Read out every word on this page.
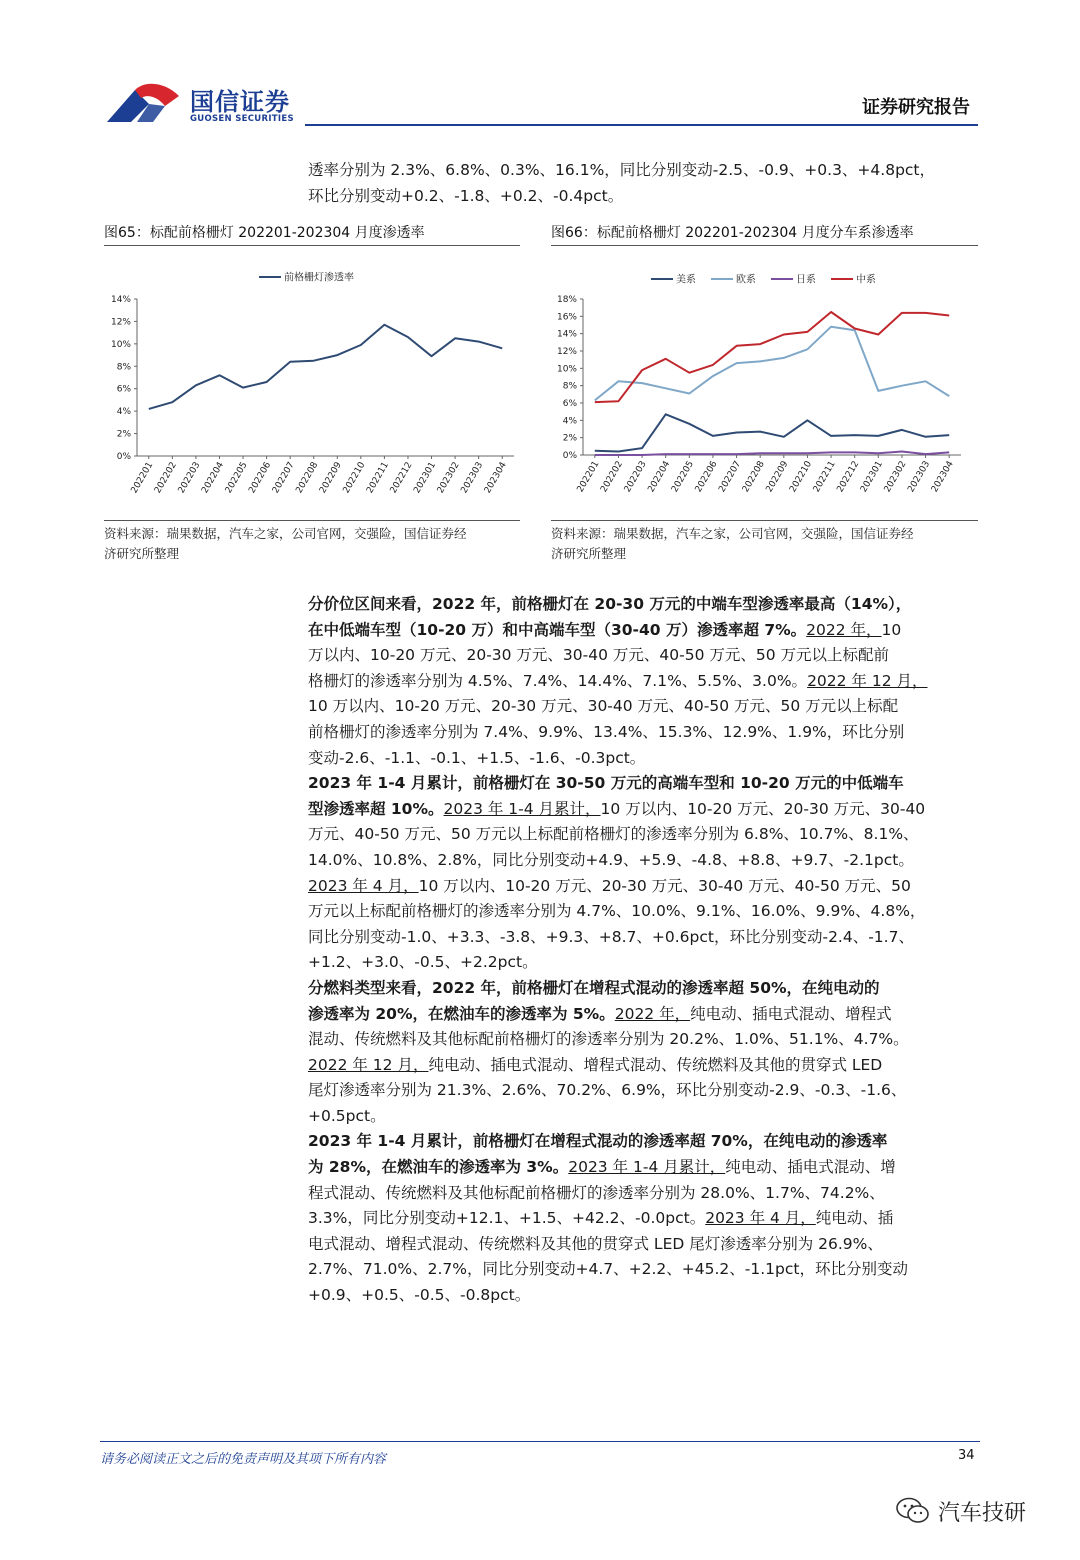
国信证券
GUOSEN SECURITIES
证券研究报告
透率分别为 2.3%、6.8%、0.3%、16.1%，同比分别变动-2.5、-0.9、+0.3、+4.8pct，
环比分别变动+0.2、-1.8、+0.2、-0.4pct。
图65：标配前格栅灯 202201-202304 月度渗透率
0%
2%
4%
6%
8%
10%
12%
14%
202201
202202
202203
202204
202205
202206
202207
202208
202209
202210
202211
202212
202301
202302
202303
202304
前格栅灯渗透率
资料来源：瑞果数据，汽车之家，公司官网，交强险，国信证券经
济研究所整理
图66：标配前格栅灯 202201-202304 月度分车系渗透率
0%
2%
4%
6%
8%
10%
12%
14%
16%
18%
202201
202202
202203
202204
202205
202206
202207
202208
202209
202210
202211
202212
202301
202302
202303
202304
美系	欧系	日系	中系
资料来源：瑞果数据，汽车之家，公司官网，交强险，国信证券经
济研究所整理
分价位区间来看，2022 年，前格栅灯在 20-30 万元的中端车型渗透率最高（14%），
在中低端车型（10-20 万）和中高端车型（30-40 万）渗透率超 7%。2022 年，10
万以内、10-20 万元、20-30 万元、30-40 万元、40-50 万元、50 万元以上标配前
格栅灯的渗透率分别为 4.5%、7.4%、14.4%、7.1%、5.5%、3.0%。2022 年 12 月，
10 万以内、10-20 万元、20-30 万元、30-40 万元、40-50 万元、50 万元以上标配
前格栅灯的渗透率分别为 7.4%、9.9%、13.4%、15.3%、12.9%、1.9%，环比分别
变动-2.6、-1.1、-0.1、+1.5、-1.6、-0.3pct。
2023 年 1-4 月累计，前格栅灯在 30-50 万元的高端车型和 10-20 万元的中低端车
型渗透率超 10%。2023 年 1-4 月累计，10 万以内、10-20 万元、20-30 万元、30-40
万元、40-50 万元、50 万元以上标配前格栅灯的渗透率分别为 6.8%、10.7%、8.1%、
14.0%、10.8%、2.8%，同比分别变动+4.9、+5.9、-4.8、+8.8、+9.7、-2.1pct。
2023 年 4 月，10 万以内、10-20 万元、20-30 万元、30-40 万元、40-50 万元、50
万元以上标配前格栅灯的渗透率分别为 4.7%、10.0%、9.1%、16.0%、9.9%、4.8%，
同比分别变动-1.0、+3.3、-3.8、+9.3、+8.7、+0.6pct，环比分别变动-2.4、-1.7、
+1.2、+3.0、-0.5、+2.2pct。
分燃料类型来看，2022 年，前格栅灯在增程式混动的渗透率超 50%，在纯电动的
渗透率为 20%，在燃油车的渗透率为 5%。2022 年，纯电动、插电式混动、增程式
混动、传统燃料及其他标配前格栅灯的渗透率分别为 20.2%、1.0%、51.1%、4.7%。
2022 年 12 月，纯电动、插电式混动、增程式混动、传统燃料及其他的贯穿式 LED
尾灯渗透率分别为 21.3%、2.6%、70.2%、6.9%，环比分别变动-2.9、-0.3、-1.6、
+0.5pct。
2023 年 1-4 月累计，前格栅灯在增程式混动的渗透率超 70%，在纯电动的渗透率
为 28%，在燃油车的渗透率为 3%。2023 年 1-4 月累计，纯电动、插电式混动、增
程式混动、传统燃料及其他标配前格栅灯的渗透率分别为 28.0%、1.7%、74.2%、
3.3%，同比分别变动+12.1、+1.5、+42.2、-0.0pct。2023 年 4 月，纯电动、插
电式混动、增程式混动、传统燃料及其他的贯穿式 LED 尾灯渗透率分别为 26.9%、
2.7%、71.0%、2.7%，同比分别变动+4.7、+2.2、+45.2、-1.1pct，环比分别变动
+0.9、+0.5、-0.5、-0.8pct。
请务必阅读正文之后的免责声明及其项下所有内容	34
汽车技研
